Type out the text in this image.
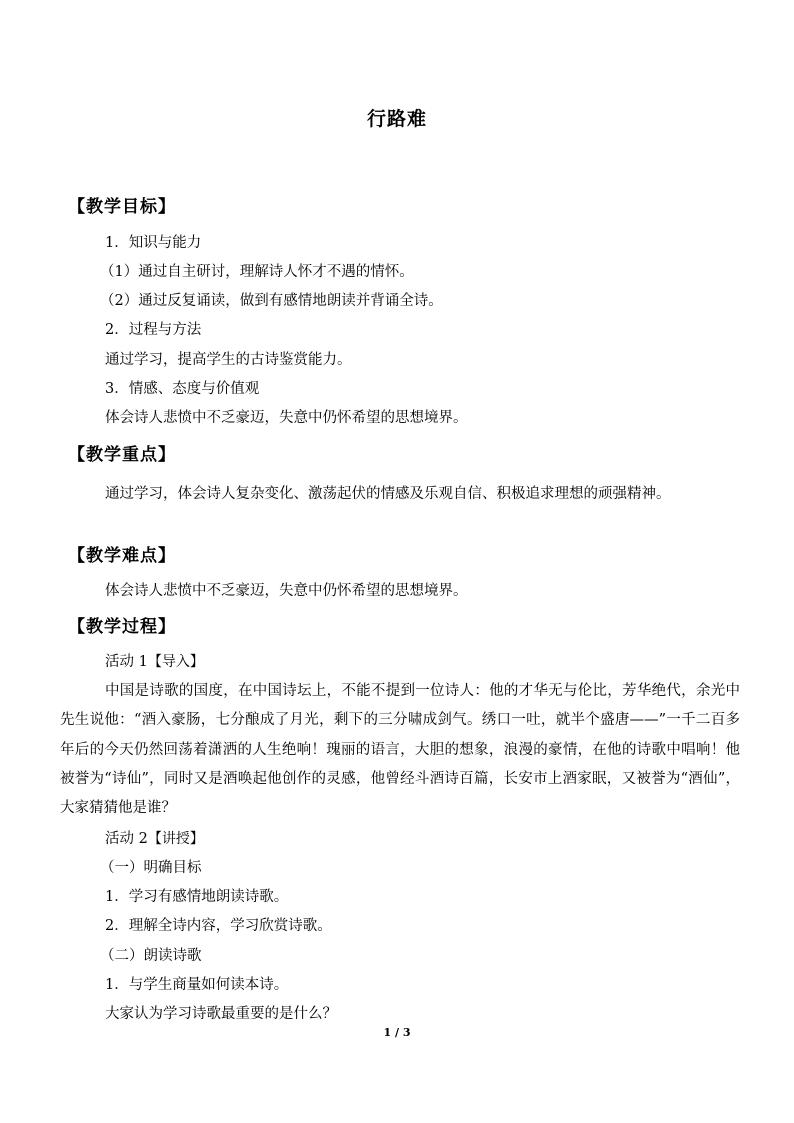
行路难
【教学目标】
1．知识与能力
（1）通过自主研讨，理解诗人怀才不遇的情怀。
（2）通过反复诵读，做到有感情地朗读并背诵全诗。
2．过程与方法
通过学习，提高学生的古诗鉴赏能力。
3．情感、态度与价值观
体会诗人悲愤中不乏豪迈，失意中仍怀希望的思想境界。
【教学重点】
通过学习，体会诗人复杂变化、激荡起伏的情感及乐观自信、积极追求理想的顽强精神。
【教学难点】
体会诗人悲愤中不乏豪迈，失意中仍怀希望的思想境界。
【教学过程】
活动 1【导入】
中国是诗歌的国度，在中国诗坛上，不能不提到一位诗人：他的才华无与伦比，芳华绝代，余光中先生说他：“酒入豪肠，七分酿成了月光，剩下的三分啸成剑气。绣口一吐，就半个盛唐——”一千二百多年后的今天仍然回荡着潇洒的人生绝响！瑰丽的语言，大胆的想象，浪漫的豪情，在他的诗歌中唱响！他被誉为“诗仙”，同时又是酒唤起他创作的灵感，他曾经斗酒诗百篇，长安市上酒家眠，又被誉为“酒仙”，大家猜猜他是谁？
活动 2【讲授】
（一）明确目标
1．学习有感情地朗读诗歌。
2．理解全诗内容，学习欣赏诗歌。
（二）朗读诗歌
1．与学生商量如何读本诗。
大家认为学习诗歌最重要的是什么？
1 / 3
